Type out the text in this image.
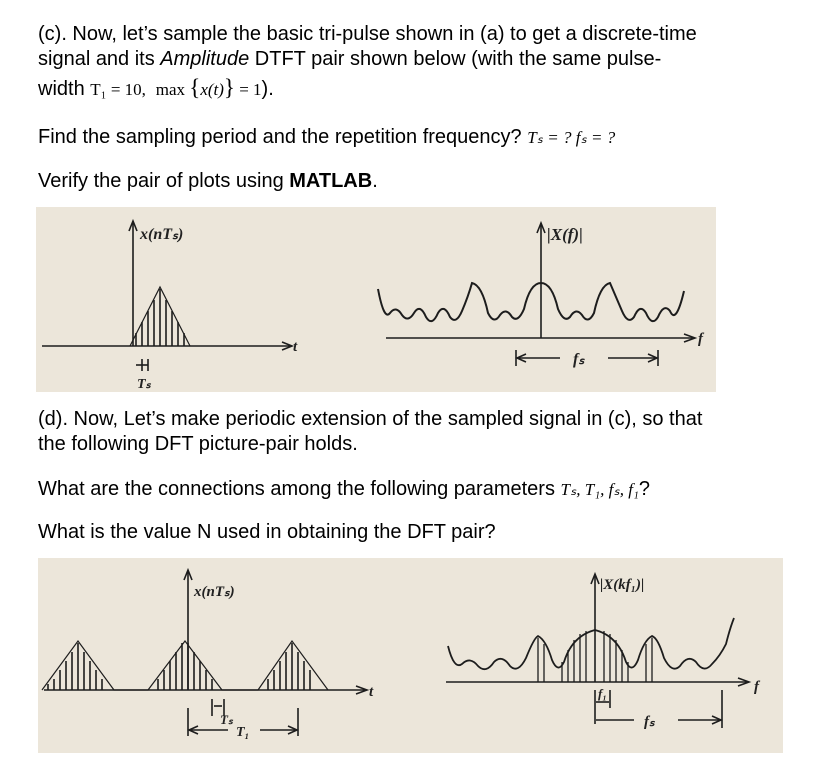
(c). Now, let’s sample the basic tri-pulse shown in (a) to get a discrete-time

signal and its Amplitude DTFT pair shown below (with the same pulse-

width T₁ = 10, max {x(t)} = 1).

Find the sampling period and the repetition frequency? Tₛ = ? fₛ = ?

Verify the pair of plots using MATLAB.

x(nTₛ)
t
Tₛ
|X(f)|
f
fₛ

(d). Now, Let’s make periodic extension of the sampled signal in (c), so that

the following DFT picture-pair holds.

What are the connections among the following parameters Tₛ, T₁, fₛ, f₁?

What is the value N used in obtaining the DFT pair?

x(nTₛ)
t
Tₛ
T₁
|X(kf₁)|
f
f₁
fₛ
